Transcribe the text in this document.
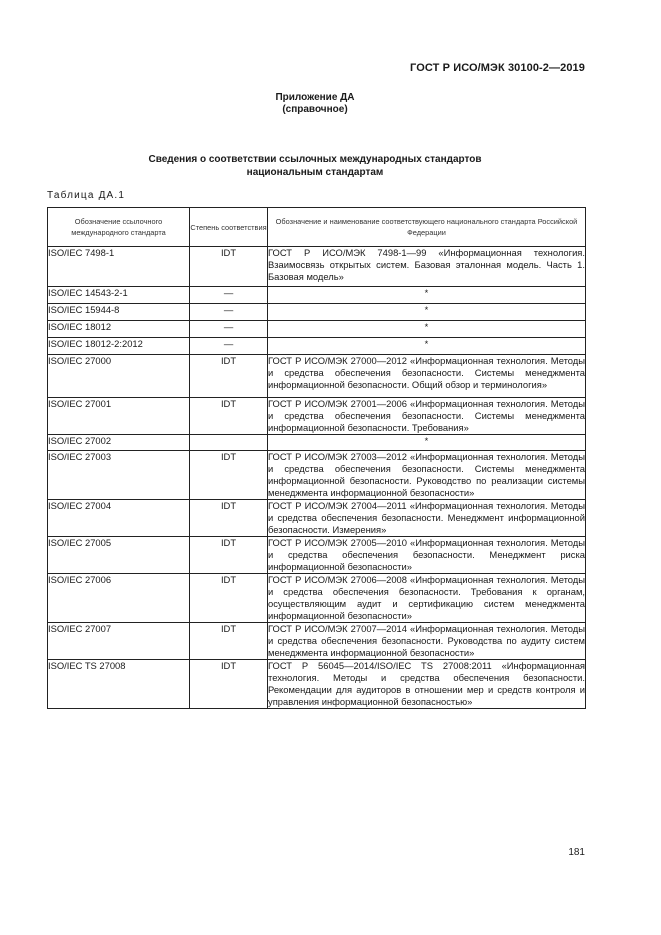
ГОСТ Р ИСО/МЭК 30100-2—2019
Приложение ДА
(справочное)
Сведения о соответствии ссылочных международных стандартов
национальным стандартам
Таблица ДА.1
Обозначение ссылочного международного стандарта	Степень соответствия	Обозначение и наименование соответствующего национального стандарта Российской Федерации
ISO/IEC 7498-1	IDT	ГОСТ Р ИСО/МЭК 7498-1—99 «Информационная технология. Взаимосвязь открытых систем. Базовая эталонная модель. Часть 1. Базовая модель»
ISO/IEC 14543-2-1	—	*
ISO/IEC 15944-8	—	*
ISO/IEC 18012	—	*
ISO/IEC 18012-2:2012	—	*
ISO/IEC 27000	IDT	ГОСТ Р ИСО/МЭК 27000—2012 «Информационная технология. Методы и средства обеспечения безопасности. Системы менеджмента информационной безопасности. Общий обзор и терминология»
ISO/IEC 27001	IDT	ГОСТ Р ИСО/МЭК 27001—2006 «Информационная технология. Методы и средства обеспечения безопасности. Системы менеджмента информационной безопасности. Требования»
ISO/IEC 27002		*
ISO/IEC 27003	IDT	ГОСТ Р ИСО/МЭК 27003—2012 «Информационная технология. Методы и средства обеспечения безопасности. Системы менеджмента информационной безопасности. Руководство по реализации системы менеджмента информационной безопасности»
ISO/IEC 27004	IDT	ГОСТ Р ИСО/МЭК 27004—2011 «Информационная технология. Методы и средства обеспечения безопасности. Менеджмент информационной безопасности. Измерения»
ISO/IEC 27005	IDT	ГОСТ Р ИСО/МЭК 27005—2010 «Информационная технология. Методы и средства обеспечения безопасности. Менеджмент риска информационной безопасности»
ISO/IEC 27006	IDT	ГОСТ Р ИСО/МЭК 27006—2008 «Информационная технология. Методы и средства обеспечения безопасности. Требования к органам, осуществляющим аудит и сертификацию систем менеджмента информационной безопасности»
ISO/IEC 27007	IDT	ГОСТ Р ИСО/МЭК 27007—2014 «Информационная технология. Методы и средства обеспечения безопасности. Руководства по аудиту систем менеджмента информационной безопасности»
ISO/IEC TS 27008	IDT	ГОСТ Р 56045—2014/ISO/IEC TS 27008:2011 «Информационная технология. Методы и средства обеспечения безопасности. Рекомендации для аудиторов в отношении мер и средств контроля и управления информационной безопасностью»
181
